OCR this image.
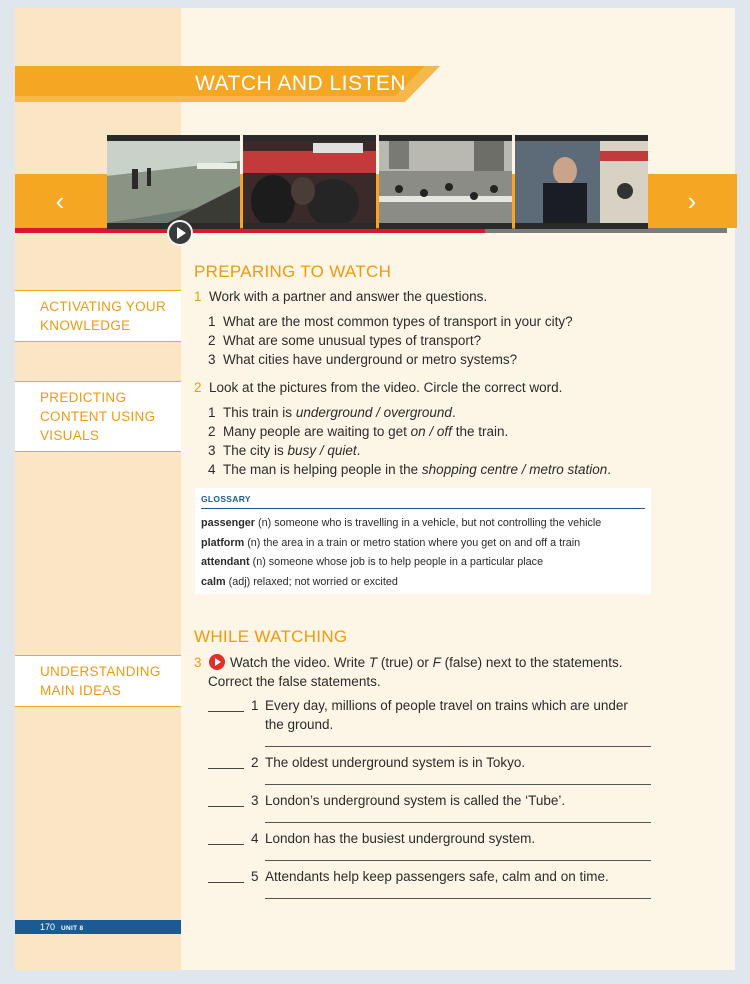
WATCH AND LISTEN
‹	›
ACTIVATING YOUR KNOWLEDGE
PREDICTING CONTENT USING VISUALS
UNDERSTANDING MAIN IDEAS
PREPARING TO WATCH
1 Work with a partner and answer the questions.
1 What are the most common types of transport in your city?
2 What are some unusual types of transport?
3 What cities have underground or metro systems?
2 Look at the pictures from the video. Circle the correct word.
1 This train is underground / overground.
2 Many people are waiting to get on / off the train.
3 The city is busy / quiet.
4 The man is helping people in the shopping centre / metro station.
GLOSSARY
passenger (n) someone who is travelling in a vehicle, but not controlling the vehicle
platform (n) the area in a train or metro station where you get on and off a train
attendant (n) someone whose job is to help people in a particular place
calm (adj) relaxed; not worried or excited
WHILE WATCHING
3 Watch the video. Write T (true) or F (false) next to the statements.
Correct the false statements.
1 Every day, millions of people travel on trains which are under
the ground.
2 The oldest underground system is in Tokyo.
3 London’s underground system is called the ‘Tube’.
4 London has the busiest underground system.
5 Attendants help keep passengers safe, calm and on time.
170 UNIT 8
